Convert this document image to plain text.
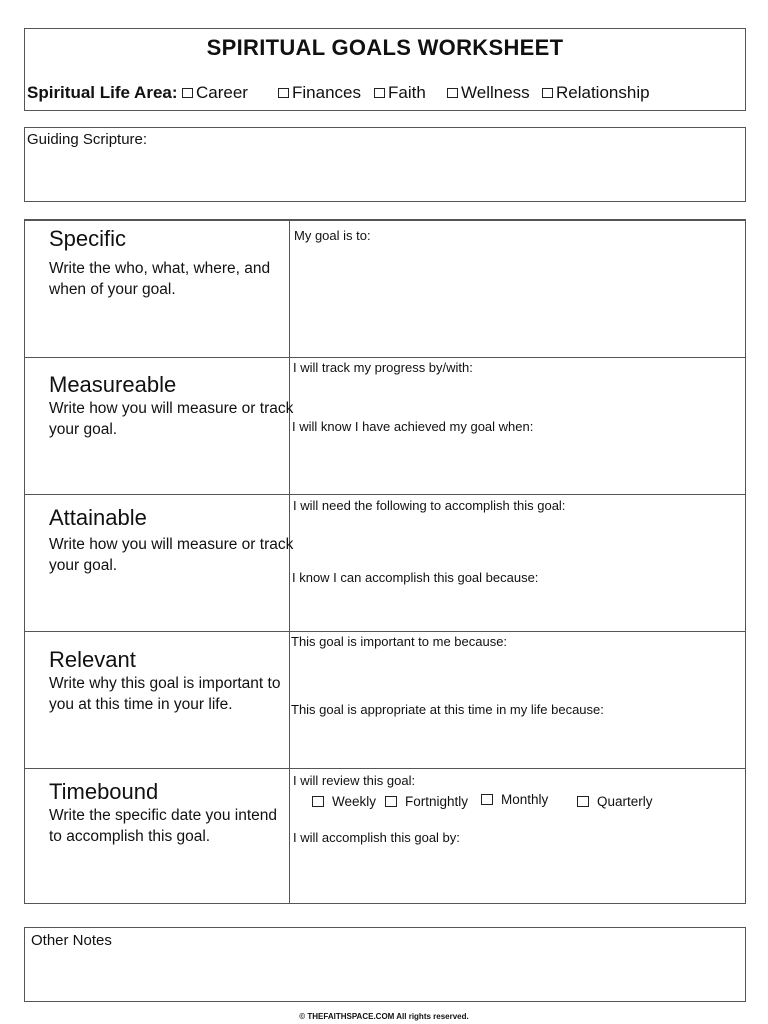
SPIRITUAL GOALS WORKSHEET
Spiritual Life Area: Career	Finances Faith Wellness Relationship
Guiding Scripture:
Specific
Write the who, what, where, and when of your goal.
My goal is to:
Measureable
Write how you will measure or track your goal.
I will track my progress by/with:
I will know I have achieved my goal when:
Attainable
Write how you will measure or track your goal.
I will need the following to accomplish this goal:
I know I can accomplish this goal because:
Relevant
Write why this goal is important to you at this time in your life.
This goal is important to me because:
This goal is appropriate at this time in my life because:
Timebound
Write the specific date you intend to accomplish this goal.
I will review this goal:
Weekly Fortnightly Monthly	Quarterly
I will accomplish this goal by:
Other Notes
© THEFAITHSPACE.COM All rights reserved.
